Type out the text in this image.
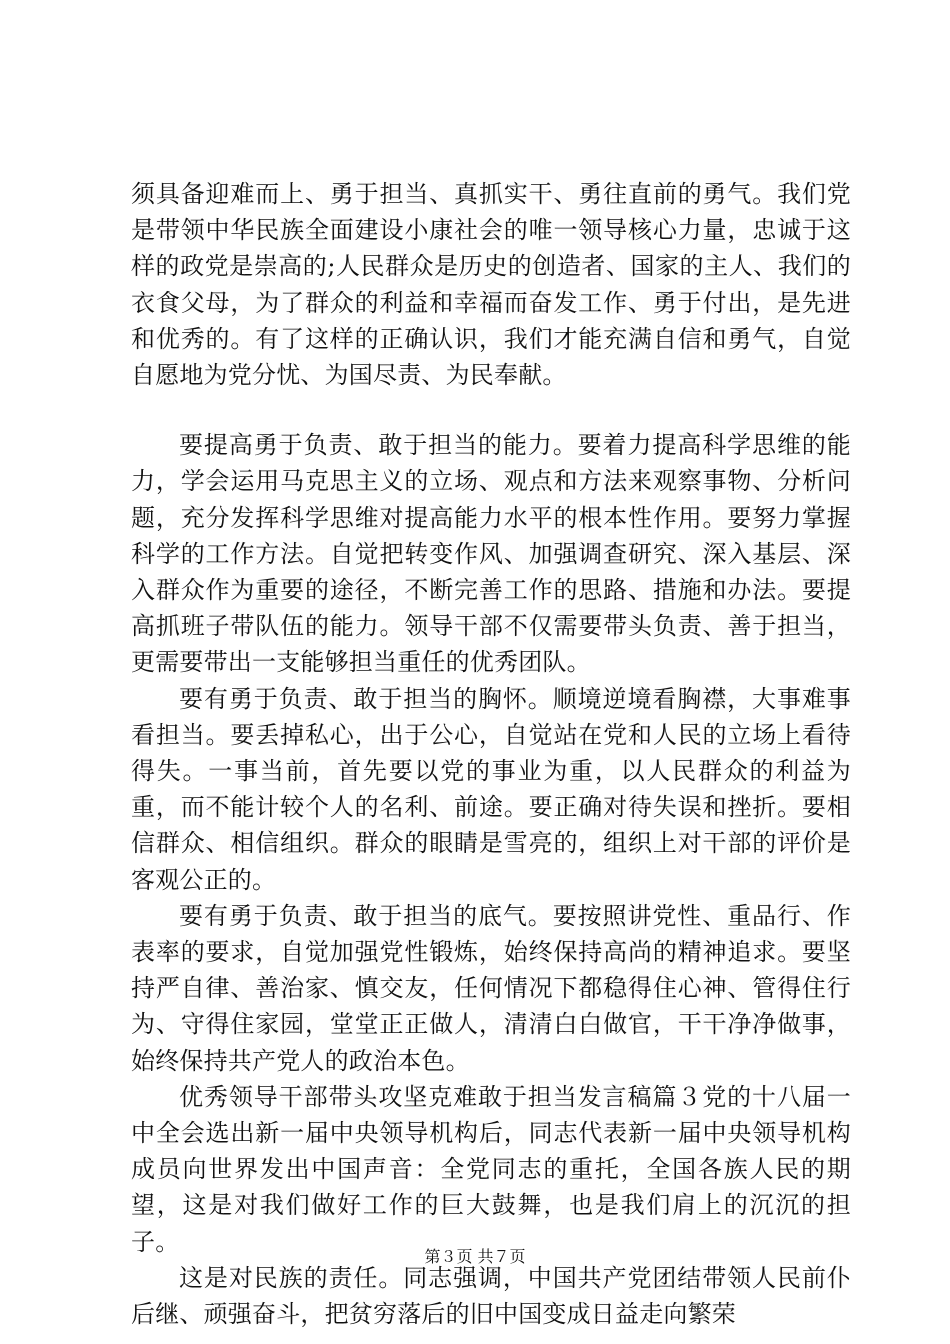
须具备迎难而上、勇于担当、真抓实干、勇往直前的勇气。我们党是带领中华民族全面建设小康社会的唯一领导核心力量，忠诚于这样的政党是崇高的;人民群众是历史的创造者、国家的主人、我们的衣食父母，为了群众的利益和幸福而奋发工作、勇于付出，是先进和优秀的。有了这样的正确认识，我们才能充满自信和勇气，自觉自愿地为党分忧、为国尽责、为民奉献。

要提高勇于负责、敢于担当的能力。要着力提高科学思维的能力，学会运用马克思主义的立场、观点和方法来观察事物、分析问题，充分发挥科学思维对提高能力水平的根本性作用。要努力掌握科学的工作方法。自觉把转变作风、加强调查研究、深入基层、深入群众作为重要的途径，不断完善工作的思路、措施和办法。要提高抓班子带队伍的能力。领导干部不仅需要带头负责、善于担当，更需要带出一支能够担当重任的优秀团队。

要有勇于负责、敢于担当的胸怀。顺境逆境看胸襟，大事难事看担当。要丢掉私心，出于公心，自觉站在党和人民的立场上看待得失。一事当前，首先要以党的事业为重，以人民群众的利益为重，而不能计较个人的名利、前途。要正确对待失误和挫折。要相信群众、相信组织。群众的眼睛是雪亮的，组织上对干部的评价是客观公正的。

要有勇于负责、敢于担当的底气。要按照讲党性、重品行、作表率的要求，自觉加强党性锻炼，始终保持高尚的精神追求。要坚持严自律、善治家、慎交友，任何情况下都稳得住心神、管得住行为、守得住家园，堂堂正正做人，清清白白做官，干干净净做事，始终保持共产党人的政治本色。

优秀领导干部带头攻坚克难敢于担当发言稿篇３党的十八届一中全会选出新一届中央领导机构后，同志代表新一届中央领导机构成员向世界发出中国声音：全党同志的重托，全国各族人民的期望，这是对我们做好工作的巨大鼓舞，也是我们肩上的沉沉的担子。

这是对民族的责任。同志强调，中国共产党团结带领人民前仆后继、顽强奋斗，把贫穷落后的旧中国变成日益走向繁荣

第３页 共７页
